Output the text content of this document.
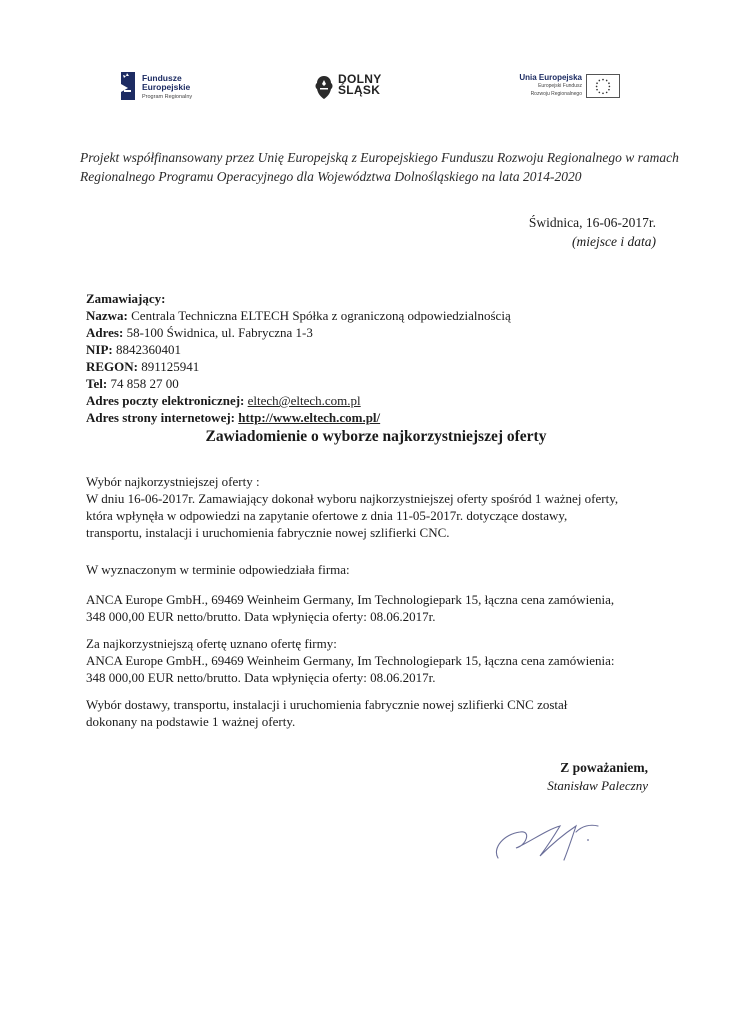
Fundusze
Europejskie
Program Regionalny
DOLNY
ŚLĄSK
Unia Europejska
Europejski Fundusz
Rozwoju Regionalnego
Projekt współfinansowany przez Unię Europejską z Europejskiego Funduszu Rozwoju Regionalnego w ramach Regionalnego Programu Operacyjnego dla Województwa Dolnośląskiego na lata 2014-2020
Świdnica, 16-06-2017r.
(miejsce i data)
Zamawiający:
Nazwa: Centrala Techniczna ELTECH Spółka z ograniczoną odpowiedzialnością
Adres: 58-100 Świdnica, ul. Fabryczna 1-3
NIP: 8842360401
REGON: 891125941
Tel: 74 858 27 00
Adres poczty elektronicznej: eltech@eltech.com.pl
Adres strony internetowej: http://www.eltech.com.pl/
Zawiadomienie o wyborze najkorzystniejszej oferty
Wybór najkorzystniejszej oferty :
W dniu 16-06-2017r. Zamawiający dokonał wyboru najkorzystniejszej oferty spośród 1 ważnej oferty,
która wpłynęła w odpowiedzi na zapytanie ofertowe z dnia 11-05-2017r. dotyczące dostawy,
transportu, instalacji i uruchomienia fabrycznie nowej szlifierki CNC.
W wyznaczonym w terminie odpowiedziała firma:
ANCA Europe GmbH., 69469 Weinheim Germany, Im Technologiepark 15, łączna cena zamówienia,
348 000,00 EUR netto/brutto. Data wpłynięcia oferty: 08.06.2017r.
Za najkorzystniejszą ofertę uznano ofertę firmy:
ANCA Europe GmbH., 69469 Weinheim Germany, Im Technologiepark 15, łączna cena zamówienia:
348 000,00 EUR netto/brutto. Data wpłynięcia oferty: 08.06.2017r.
Wybór dostawy, transportu, instalacji i uruchomienia fabrycznie nowej szlifierki CNC został
dokonany na podstawie 1 ważnej oferty.
Z poważaniem,
Stanisław Paleczny
